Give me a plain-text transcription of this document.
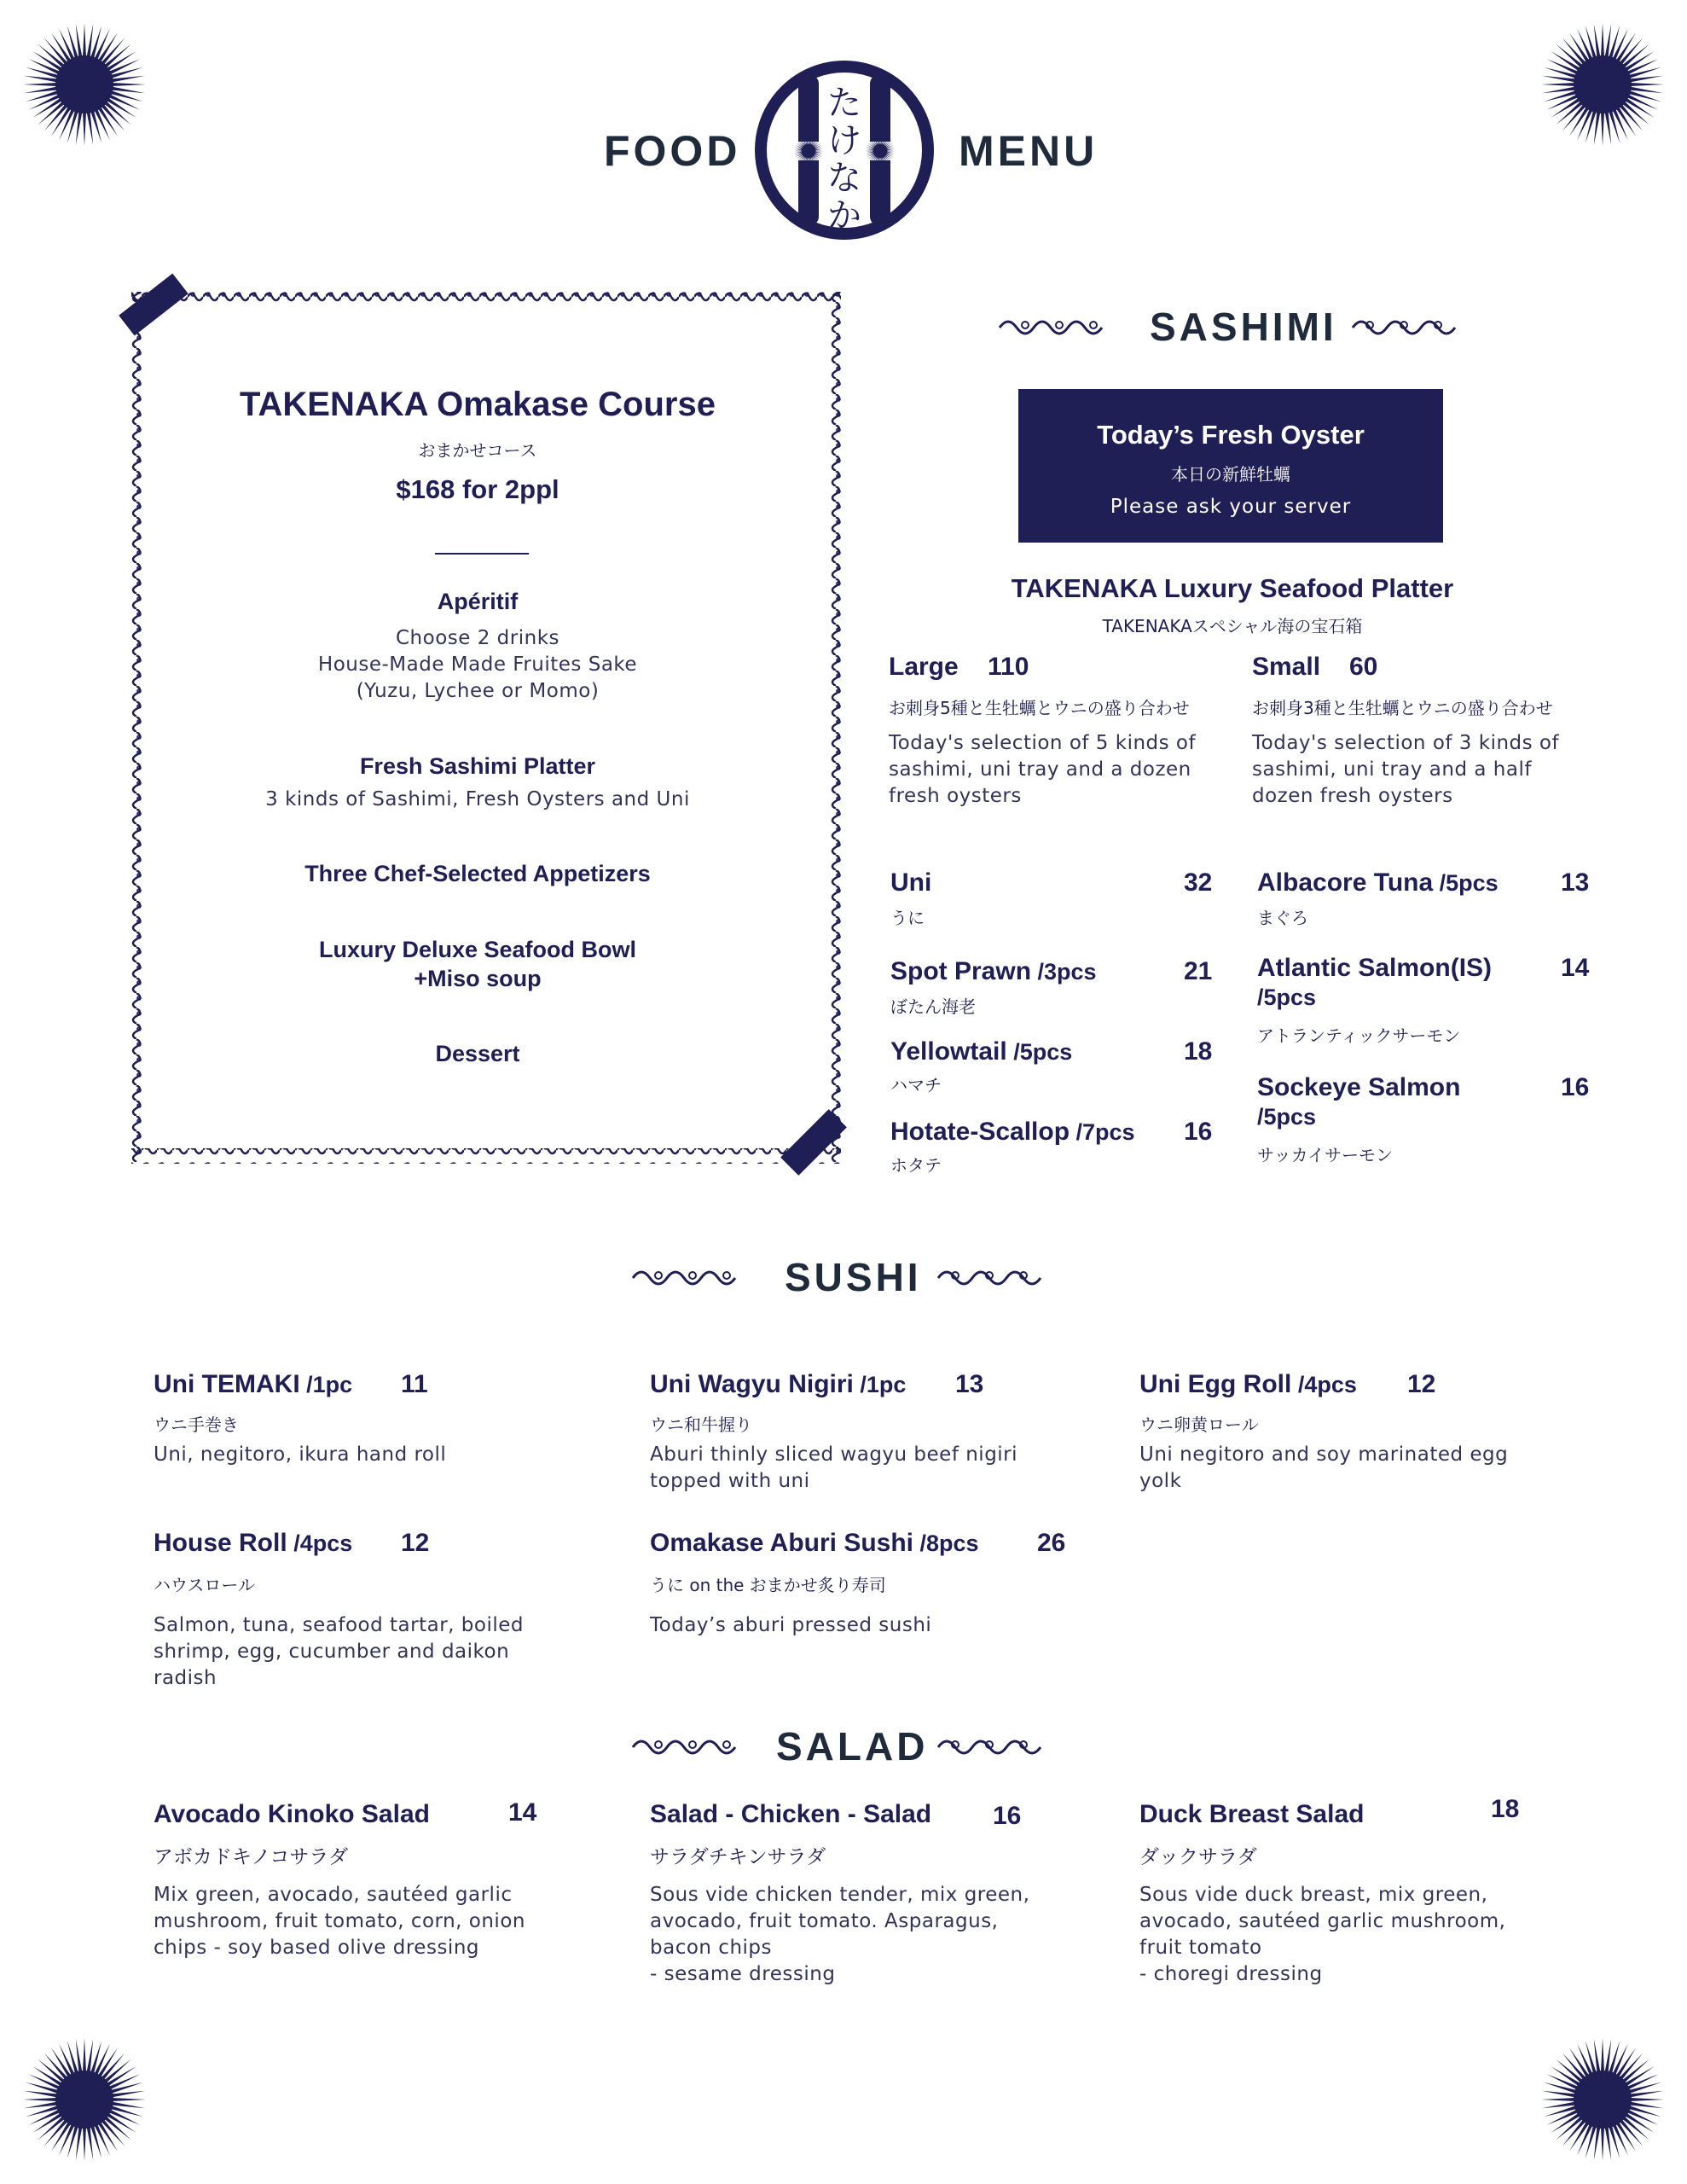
FOOD	MENU
た
け
な
か
TAKENAKA Omakase Course
おまかせコース
$168 for 2ppl
Apéritif
Choose 2 drinks
House-Made Made Fruites Sake
(Yuzu, Lychee or Momo)
Fresh Sashimi Platter
3 kinds of Sashimi, Fresh Oysters and Uni
Three Chef-Selected Appetizers
Luxury Deluxe Seafood Bowl
+Miso soup
Dessert
SASHIMI
Today’s Fresh Oyster
本日の新鮮牡蠣
Please ask your server
TAKENAKA Luxury Seafood Platter
TAKENAKAスペシャル海の宝石箱
Large 110
お刺身5種と生牡蠣とウニの盛り合わせ
Today's selection of 5 kinds of
sashimi, uni tray and a dozen
fresh oysters
Small 60
お刺身3種と生牡蠣とウニの盛り合わせ
Today's selection of 3 kinds of
sashimi, uni tray and a half
dozen fresh oysters
Uni	32
うに
Spot Prawn /3pcs	21
ぼたん海老
Yellowtail /5pcs	18
ハマチ
Hotate-Scallop /7pcs 16
ホタテ
Albacore Tuna /5pcs 13
まぐろ
Atlantic Salmon(IS)
/5pcs
14
アトランティックサーモン
Sockeye Salmon
/5pcs
16
サッカイサーモン
SUSHI
Uni TEMAKI /1pc 11
ウニ手巻き
Uni, negitoro, ikura hand roll
Uni Wagyu Nigiri /1pc 13
ウニ和牛握り
Aburi thinly sliced wagyu beef nigiri
topped with uni
Uni Egg Roll /4pcs 12
ウニ卵黄ロール
Uni negitoro and soy marinated egg
yolk
House Roll /4pcs 12
ハウスロール
Salmon, tuna, seafood tartar, boiled
shrimp, egg, cucumber and daikon
radish
Omakase Aburi Sushi /8pcs 26
うに on the おまかせ炙り寿司
Today’s aburi pressed sushi
SALAD
Avocado Kinoko Salad	14
アボカドキノコサラダ
Mix green, avocado, sautéed garlic
mushroom, fruit tomato, corn, onion
chips - soy based olive dressing
Salad - Chicken - Salad 16
サラダチキンサラダ
Sous vide chicken tender, mix green,
avocado, fruit tomato. Asparagus,
bacon chips
- sesame dressing
Duck Breast Salad	18
ダックサラダ
Sous vide duck breast, mix green,
avocado, sautéed garlic mushroom,
fruit tomato
- choregi dressing
